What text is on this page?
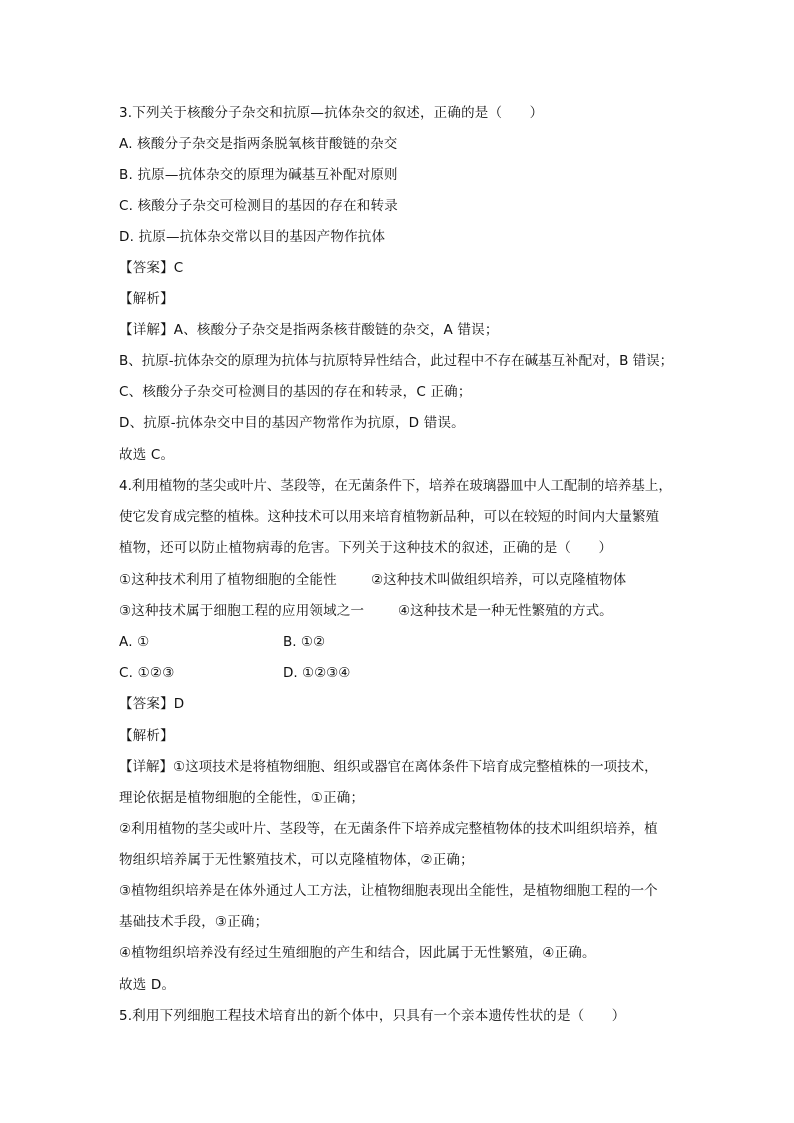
3.下列关于核酸分子杂交和抗原—抗体杂交的叙述，正确的是（　　）
A. 核酸分子杂交是指两条脱氧核苷酸链的杂交
B. 抗原—抗体杂交的原理为碱基互补配对原则
C. 核酸分子杂交可检测目的基因的存在和转录
D. 抗原—抗体杂交常以目的基因产物作抗体
【答案】C
【解析】
【详解】A、核酸分子杂交是指两条核苷酸链的杂交，A 错误；
B、抗原-抗体杂交的原理为抗体与抗原特异性结合，此过程中不存在碱基互补配对，B 错误；
C、核酸分子杂交可检测目的基因的存在和转录，C 正确；
D、抗原-抗体杂交中目的基因产物常作为抗原，D 错误。
故选 C。
4.利用植物的茎尖或叶片、茎段等，在无菌条件下，培养在玻璃器皿中人工配制的培养基上，
使它发育成完整的植株。这种技术可以用来培育植物新品种，可以在较短的时间内大量繁殖
植物，还可以防止植物病毒的危害。下列关于这种技术的叙述，正确的是（　　）
①这种技术利用了植物细胞的全能性	②这种技术叫做组织培养，可以克隆植物体
③这种技术属于细胞工程的应用领域之一	④这种技术是一种无性繁殖的方式。
A. ①	B. ①②
C. ①②③	D. ①②③④
【答案】D
【解析】
【详解】①这项技术是将植物细胞、组织或器官在离体条件下培育成完整植株的一项技术，
理论依据是植物细胞的全能性，①正确；
②利用植物的茎尖或叶片、茎段等，在无菌条件下培养成完整植物体的技术叫组织培养，植
物组织培养属于无性繁殖技术，可以克隆植物体，②正确；
③植物组织培养是在体外通过人工方法，让植物细胞表现出全能性，是植物细胞工程的一个
基础技术手段，③正确；
④植物组织培养没有经过生殖细胞的产生和结合，因此属于无性繁殖，④正确。
故选 D。
5.利用下列细胞工程技术培育出的新个体中，只具有一个亲本遗传性状的是（　　）
